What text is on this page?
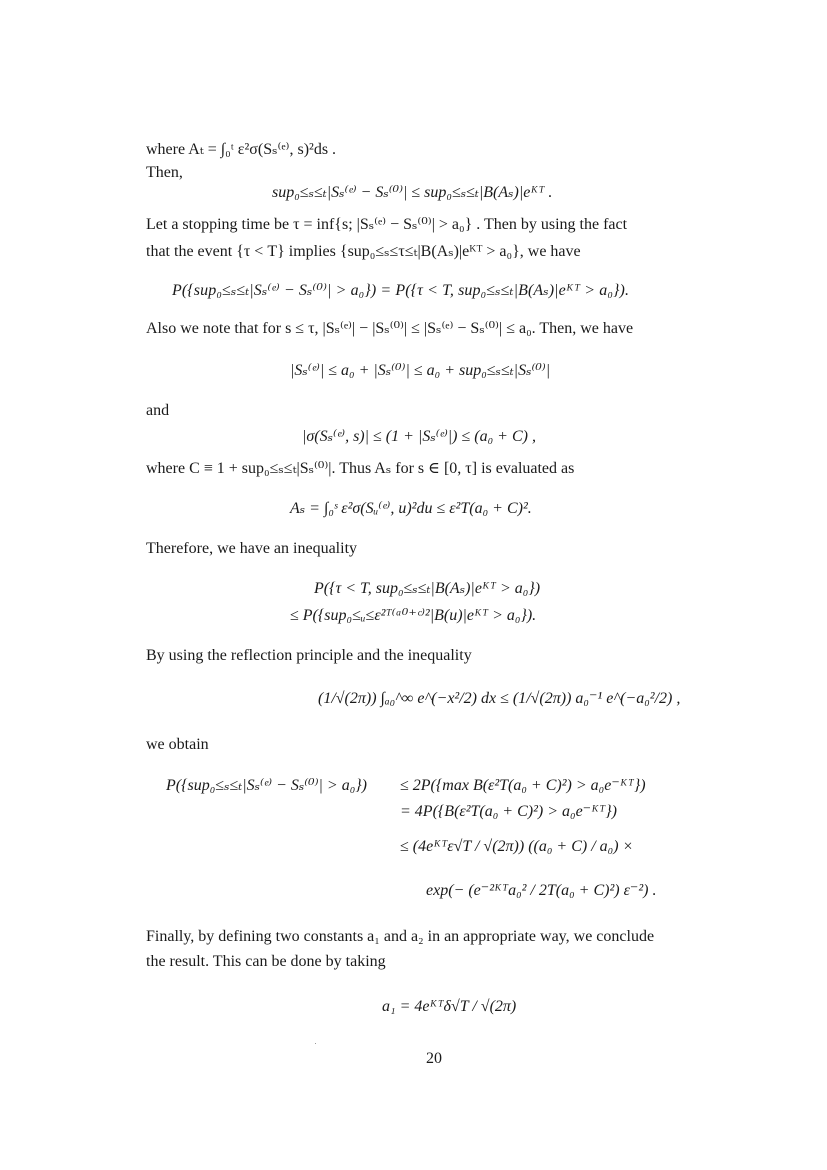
where Aₜ = ∫₀ᵗ ε²σ(Sₛ⁽ᵉ⁾, s)²ds .
Then,
sup₀≤ₛ≤ₜ|Sₛ⁽ᵉ⁾ − Sₛ⁽⁰⁾| ≤ sup₀≤ₛ≤ₜ|B(Aₛ)|eᴷᵀ .
Let a stopping time be τ = inf{s; |Sₛ⁽ᵉ⁾ − Sₛ⁽⁰⁾| > a₀} . Then by using the fact
that the event {τ < T} implies {sup₀≤ₛ≤τ≤ₜ|B(Aₛ)|eᴷᵀ > a₀}, we have
P({sup₀≤ₛ≤ₜ|Sₛ⁽ᵉ⁾ − Sₛ⁽⁰⁾| > a₀}) = P({τ < T, sup₀≤ₛ≤ₜ|B(Aₛ)|eᴷᵀ > a₀}).
Also we note that for s ≤ τ, |Sₛ⁽ᵉ⁾| − |Sₛ⁽⁰⁾| ≤ |Sₛ⁽ᵉ⁾ − Sₛ⁽⁰⁾| ≤ a₀. Then, we have
|Sₛ⁽ᵉ⁾| ≤ a₀ + |Sₛ⁽⁰⁾| ≤ a₀ + sup₀≤ₛ≤ₜ|Sₛ⁽⁰⁾|
and
|σ(Sₛ⁽ᵉ⁾, s)| ≤ (1 + |Sₛ⁽ᵉ⁾|) ≤ (a₀ + C) ,
where C ≡ 1 + sup₀≤ₛ≤ₜ|Sₛ⁽⁰⁾|. Thus Aₛ for s ∈ [0, τ] is evaluated as
Aₛ = ∫₀ˢ ε²σ(Sᵤ⁽ᵉ⁾, u)²du ≤ ε²T(a₀ + C)².
Therefore, we have an inequality
P({τ < T, sup₀≤ₛ≤ₜ|B(Aₛ)|eᴷᵀ > a₀})
≤ P({sup₀≤ᵤ≤ε²ᵀ⁽ᵃ⁰⁺ᶜ⁾²|B(u)|eᴷᵀ > a₀}).
By using the reflection principle and the inequality
(1/√(2π)) ∫ₐ₀^∞ e^(−x²/2) dx ≤ (1/√(2π)) a₀⁻¹ e^(−a₀²/2) ,
we obtain
P({sup₀≤ₛ≤ₜ|Sₛ⁽ᵉ⁾ − Sₛ⁽⁰⁾| > a₀}) ≤ 2P({max B(ε²T(a₀ + C)²) > a₀e⁻ᴷᵀ})
= 4P({B(ε²T(a₀ + C)²) > a₀e⁻ᴷᵀ})
≤ (4eᴷᵀε√T / √(2π)) ((a₀ + C) / a₀) ×
exp(− (e⁻²ᴷᵀa₀² / 2T(a₀ + C)²) ε⁻²) .
Finally, by defining two constants a₁ and a₂ in an appropriate way, we conclude
the result. This can be done by taking
a₁ = 4eᴷᵀδ√T / √(2π)
20
